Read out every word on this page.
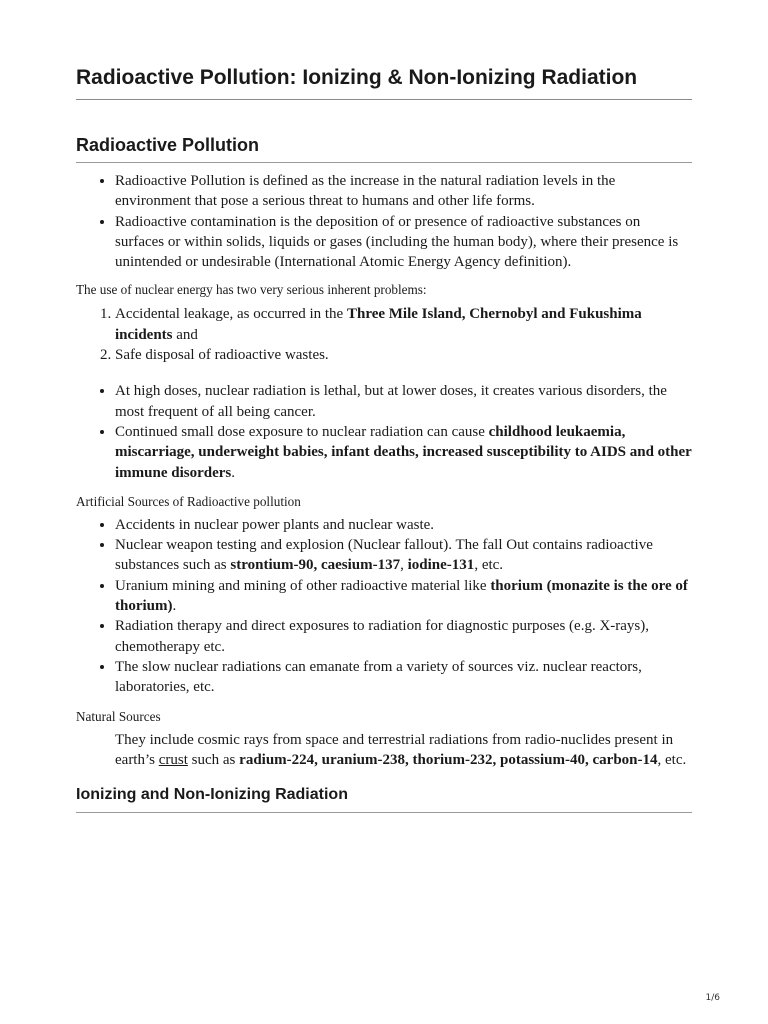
Radioactive Pollution: Ionizing & Non-Ionizing Radiation
Radioactive Pollution
• Radioactive Pollution is defined as the increase in the natural radiation levels in the environment that pose a serious threat to humans and other life forms.
• Radioactive contamination is the deposition of or presence of radioactive substances on surfaces or within solids, liquids or gases (including the human body), where their presence is unintended or undesirable (International Atomic Energy Agency definition).

The use of nuclear energy has two very serious inherent problems:

1. Accidental leakage, as occurred in the Three Mile Island, Chernobyl and Fukushima incidents and
2. Safe disposal of radioactive wastes.
• At high doses, nuclear radiation is lethal, but at lower doses, it creates various disorders, the most frequent of all being cancer.
• Continued small dose exposure to nuclear radiation can cause childhood leukaemia, miscarriage, underweight babies, infant deaths, increased susceptibility to AIDS and other immune disorders.

Artificial Sources of Radioactive pollution

• Accidents in nuclear power plants and nuclear waste.
• Nuclear weapon testing and explosion (Nuclear fallout). The fall Out contains radioactive substances such as strontium-90, caesium-137, iodine-131, etc.
• Uranium mining and mining of other radioactive material like thorium (monazite is the ore of thorium).
• Radiation therapy and direct exposures to radiation for diagnostic purposes (e.g. X-rays), chemotherapy etc.
• The slow nuclear radiations can emanate from a variety of sources viz. nuclear reactors, laboratories, etc.

Natural Sources

They include cosmic rays from space and terrestrial radiations from radio-nuclides present in earth’s crust such as radium-224, uranium-238, thorium-232, potassium-40, carbon-14, etc.

Ionizing and Non-Ionizing Radiation
1/6
